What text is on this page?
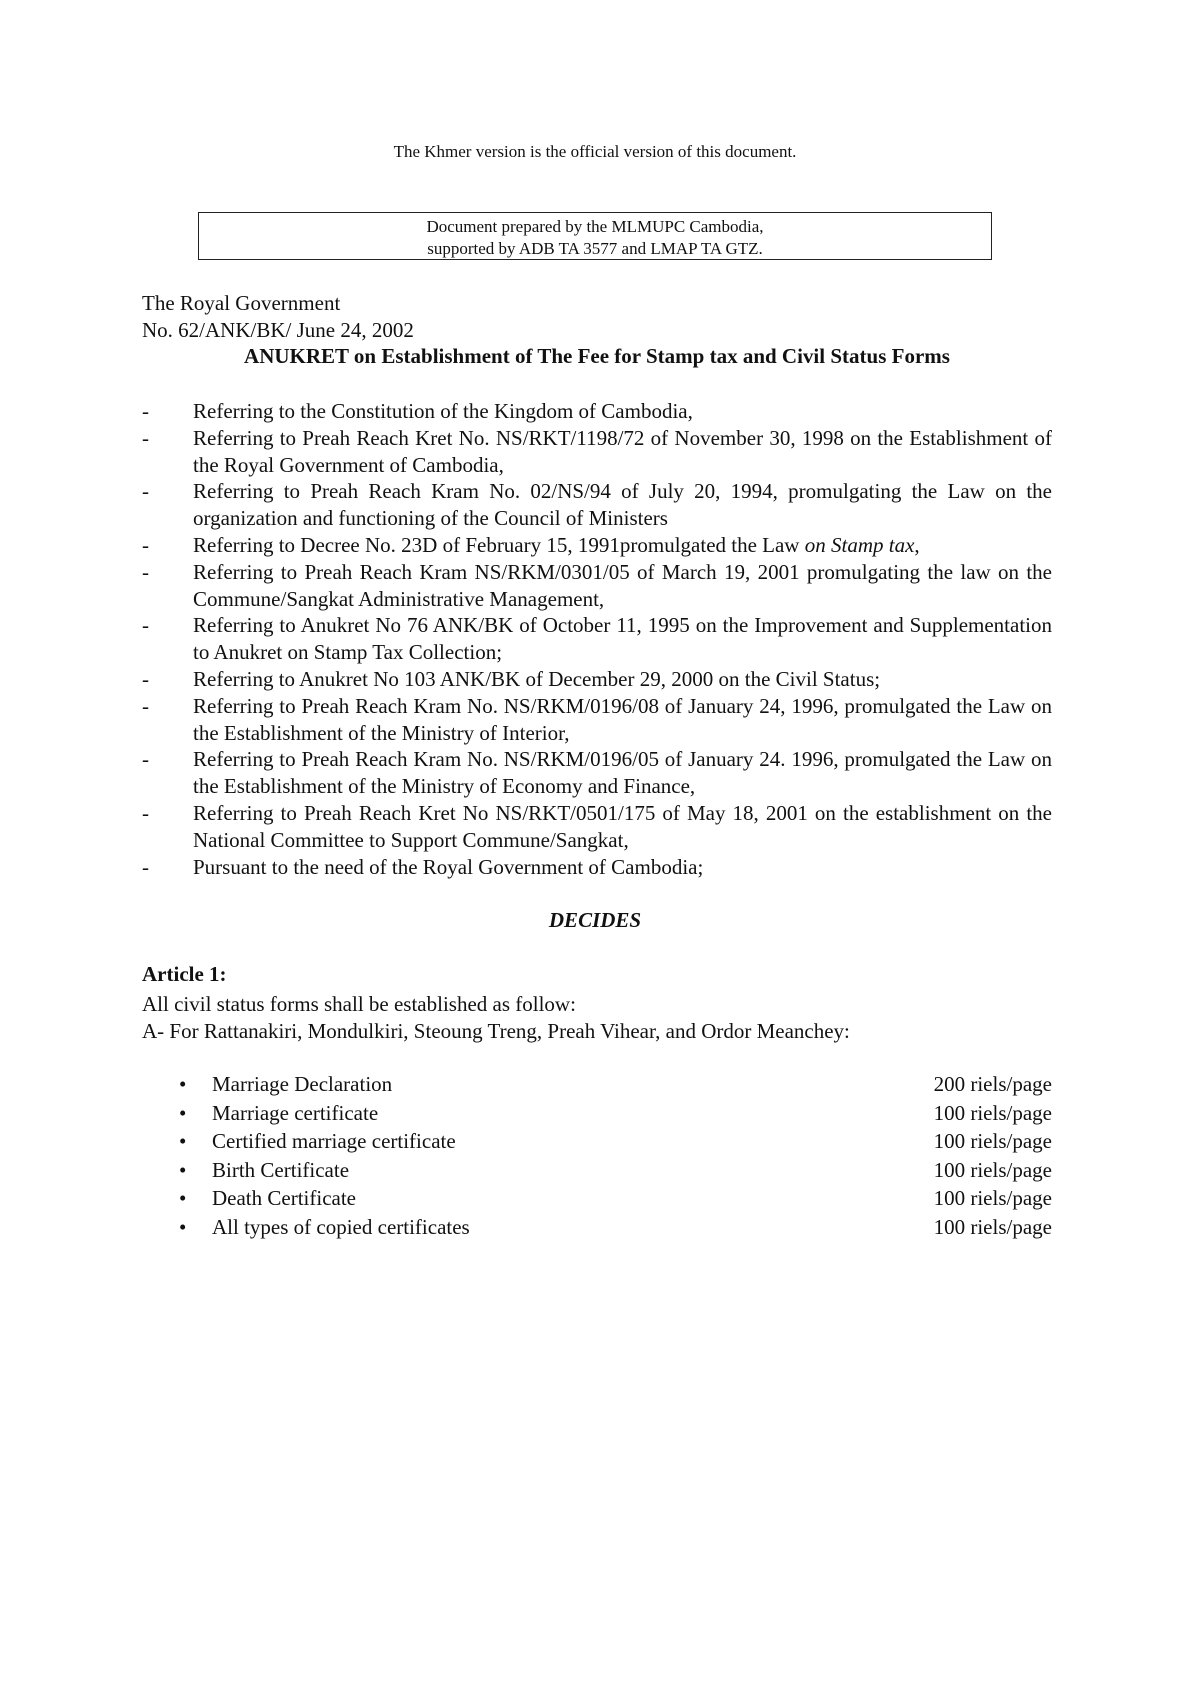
The Khmer version is the official version of this document.
Document prepared by the MLMUPC Cambodia,
supported by ADB TA 3577 and LMAP TA GTZ.
The Royal Government
No. 62/ANK/BK/ June 24, 2002
ANUKRET on Establishment of The Fee for Stamp tax and Civil Status Forms
- Referring to the Constitution of the Kingdom of Cambodia,
- Referring to Preah Reach Kret No. NS/RKT/1198/72 of November 30, 1998 on the Establishment of the Royal Government of Cambodia,
- Referring to Preah Reach Kram No. 02/NS/94 of July 20, 1994, promulgating the Law on the organization and functioning of the Council of Ministers
- Referring to Decree No. 23D of February 15, 1991promulgated the Law on Stamp tax,
- Referring to Preah Reach Kram NS/RKM/0301/05 of March 19, 2001 promulgating the law on the Commune/Sangkat Administrative Management,
- Referring to Anukret No 76 ANK/BK of October 11, 1995 on the Improvement and Supplementation to Anukret on Stamp Tax Collection;
- Referring to Anukret No 103 ANK/BK of December 29, 2000 on the Civil Status;
- Referring to Preah Reach Kram No. NS/RKM/0196/08 of January 24, 1996, promulgated the Law on the Establishment of the Ministry of Interior,
- Referring to Preah Reach Kram No. NS/RKM/0196/05 of January 24. 1996, promulgated the Law on the Establishment of the Ministry of Economy and Finance,
- Referring to Preah Reach Kret No NS/RKT/0501/175 of May 18, 2001 on the establishment on the National Committee to Support Commune/Sangkat,
- Pursuant to the need of the Royal Government of Cambodia;
DECIDES
Article 1:
All civil status forms shall be established as follow:
A- For Rattanakiri, Mondulkiri, Steoung Treng, Preah Vihear, and Ordor Meanchey:
• Marriage Declaration	200 riels/page
• Marriage certificate	100 riels/page
• Certified marriage certificate	100 riels/page
• Birth Certificate	100 riels/page
• Death Certificate	100 riels/page
• All types of copied certificates	100 riels/page
